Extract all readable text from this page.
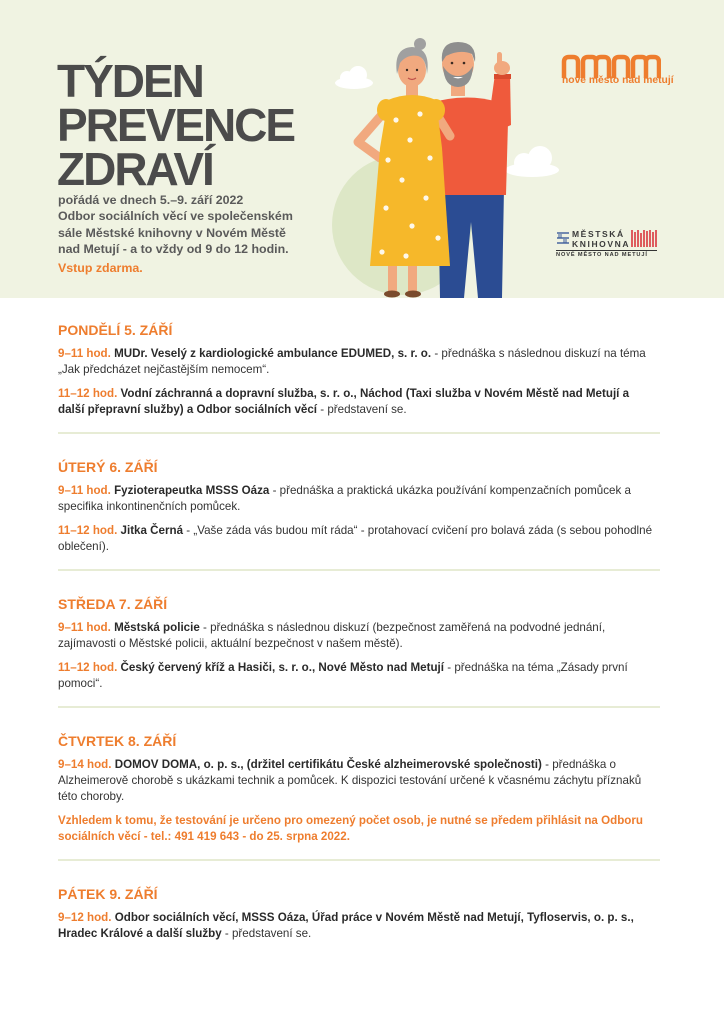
TÝDEN
PREVENCE
ZDRAVÍ
pořádá ve dnech 5.–9. září 2022
Odbor sociálních věcí ve společenském
sále Městské knihovny v Novém Městě
nad Metují - a to vždy od 9 do 12 hodin.
Vstup zdarma.
nové město nad metují
MĚSTSKÁ
KNIHOVNA
NOVÉ MĚSTO NAD METUJÍ
PONDĚLÍ 5. ZÁŘÍ

9–11 hod. MUDr. Veselý z kardiologické ambulance EDUMED, s. r. o. - přednáška s následnou diskuzí na téma „Jak předcházet nejčastějším nemocem“.

11–12 hod. Vodní záchranná a dopravní služba, s. r. o., Náchod (Taxi služba v Novém Městě nad Metují a další přepravní služby) a Odbor sociálních věcí - představení se.

ÚTERÝ 6. ZÁŘÍ

9–11 hod. Fyzioterapeutka MSSS Oáza - přednáška a praktická ukázka používání kompenzačních pomůcek a specifika inkontinenčních pomůcek.

11–12 hod. Jitka Černá - „Vaše záda vás budou mít ráda“ - protahovací cvičení pro bolavá záda (s sebou pohodlné oblečení).

STŘEDA 7. ZÁŘÍ

9–11 hod. Městská policie - přednáška s následnou diskuzí (bezpečnost zaměřená na podvodné jednání, zajímavosti o Městské policii, aktuální bezpečnost v našem městě).

11–12 hod. Český červený kříž a Hasiči, s. r. o., Nové Město nad Metují - přednáška na téma „Zásady první pomoci“.

ČTVRTEK 8. ZÁŘÍ

9–14 hod. DOMOV DOMA, o. p. s., (držitel certifikátu České alzheimerovské společnosti) - přednáška o Alzheimerově chorobě s ukázkami technik a pomůcek. K dispozici testování určené k včasnému záchytu příznaků této choroby.

Vzhledem k tomu, že testování je určeno pro omezený počet osob, je nutné se předem přihlásit na Odboru sociálních věcí - tel.: 491 419 643 - do 25. srpna 2022.

PÁTEK 9. ZÁŘÍ

9–12 hod. Odbor sociálních věcí, MSSS Oáza, Úřad práce v Novém Městě nad Metují, Tyfloservis, o. p. s., Hradec Králové a další služby - představení se.
